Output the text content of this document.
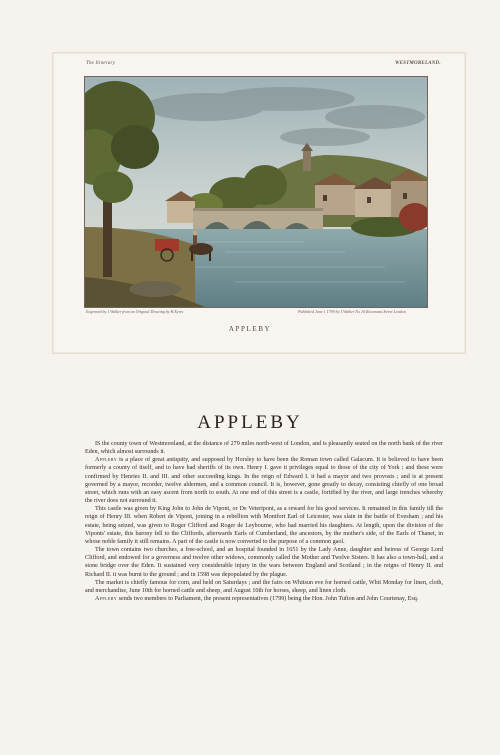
The Itinerary	WESTMORELAND.
Engraved by J.Walker from an Original Drawing by H.Eyres	Published June 1 1799 by J.Walker No 16 Rosomans Street London
APPLEBY
APPLEBY

IS the county town of Westmoreland, at the distance of 279 miles north-west of London, and is pleasantly seated on the north bank of the river Eden, which almost surrounds it.

Appleby is a place of great antiquity, and supposed by Horsley to have been the Roman town called Galacum. It is believed to have been formerly a county of itself, and to have had sheriffs of its own. Henry I. gave it privileges equal to those of the city of York ; and these were confirmed by Henries II. and III. and other succeeding kings. In the reign of Edward I. it had a mayor and two provosts ; and is at present governed by a mayor, recorder, twelve aldermen, and a common council. It is, however, gone greatly to decay, consisting chiefly of one broad street, which runs with an easy ascent from north to south. At one end of this street is a castle, fortified by the river, and large trenches whereby the river does not surround it.

This castle was given by King John to John de Vipont, or De Veteripont, as a reward for his good services. It remained in this family till the reign of Henry III. when Robert de Vipont, joining in a rebellion with Montfort Earl of Leicester, was slain in the battle of Evesham ; and his estate, being seized, was given to Roger Clifford and Roger de Leybourne, who had married his daughters. At length, upon the division of the Viponts' estate, this barony fell to the Cliffords, afterwards Earls of Cumberland, the ancestors, by the mother's side, of the Earls of Thanet, in whose noble family it still remains. A part of the castle is now converted to the purpose of a common gaol.

The town contains two churches, a free-school, and an hospital founded in 1651 by the Lady Anne, daughter and heiress of George Lord Clifford, and endowed for a governess and twelve other widows, commonly called the Mother and Twelve Sisters. It has also a town-hall, and a stone bridge over the Eden. It sustained very considerable injury in the wars between England and Scotland ; in the reigns of Henry II. and Richard II. it was burnt to the ground ; and in 1598 was depopulated by the plague.

The market is chiefly famous for corn, and held on Saturdays ; and the fairs on Whitsun eve for horned cattle, Whit Monday for linen, cloth, and merchandise, June 10th for horned cattle and sheep, and August 10th for horses, sheep, and linen cloth.

Appleby sends two members to Parliament, the present representatives (1799) being the Hon. John Tufton and John Courtenay, Esq.
